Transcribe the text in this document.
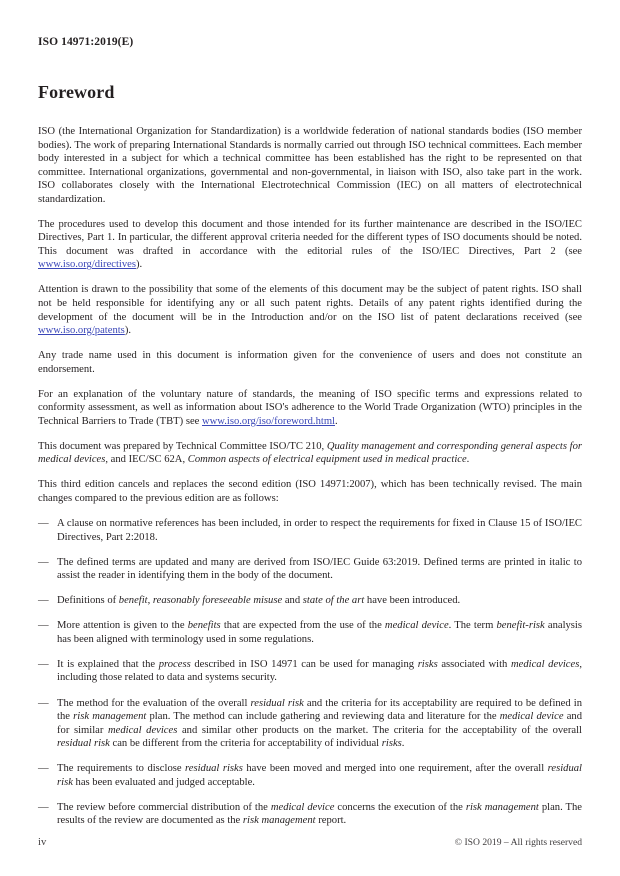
ISO 14971:2019(E)
Foreword

ISO (the International Organization for Standardization) is a worldwide federation of national standards bodies (ISO member bodies). The work of preparing International Standards is normally carried out through ISO technical committees. Each member body interested in a subject for which a technical committee has been established has the right to be represented on that committee. International organizations, governmental and non-governmental, in liaison with ISO, also take part in the work. ISO collaborates closely with the International Electrotechnical Commission (IEC) on all matters of electrotechnical standardization.

The procedures used to develop this document and those intended for its further maintenance are described in the ISO/IEC Directives, Part 1. In particular, the different approval criteria needed for the different types of ISO documents should be noted. This document was drafted in accordance with the editorial rules of the ISO/IEC Directives, Part 2 (see www.iso.org/directives).

Attention is drawn to the possibility that some of the elements of this document may be the subject of patent rights. ISO shall not be held responsible for identifying any or all such patent rights. Details of any patent rights identified during the development of the document will be in the Introduction and/or on the ISO list of patent declarations received (see www.iso.org/patents).

Any trade name used in this document is information given for the convenience of users and does not constitute an endorsement.

For an explanation of the voluntary nature of standards, the meaning of ISO specific terms and expressions related to conformity assessment, as well as information about ISO's adherence to the World Trade Organization (WTO) principles in the Technical Barriers to Trade (TBT) see www.iso.org/iso/foreword.html.

This document was prepared by Technical Committee ISO/TC 210, Quality management and corresponding general aspects for medical devices, and IEC/SC 62A, Common aspects of electrical equipment used in medical practice.

This third edition cancels and replaces the second edition (ISO 14971:2007), which has been technically revised. The main changes compared to the previous edition are as follows:

— A clause on normative references has been included, in order to respect the requirements for fixed in Clause 15 of ISO/IEC Directives, Part 2:2018.
— The defined terms are updated and many are derived from ISO/IEC Guide 63:2019. Defined terms are printed in italic to assist the reader in identifying them in the body of the document.
— Definitions of benefit, reasonably foreseeable misuse and state of the art have been introduced.
— More attention is given to the benefits that are expected from the use of the medical device. The term benefit-risk analysis has been aligned with terminology used in some regulations.
— It is explained that the process described in ISO 14971 can be used for managing risks associated with medical devices, including those related to data and systems security.
— The method for the evaluation of the overall residual risk and the criteria for its acceptability are required to be defined in the risk management plan. The method can include gathering and reviewing data and literature for the medical device and for similar medical devices and similar other products on the market. The criteria for the acceptability of the overall residual risk can be different from the criteria for acceptability of individual risks.
— The requirements to disclose residual risks have been moved and merged into one requirement, after the overall residual risk has been evaluated and judged acceptable.
— The review before commercial distribution of the medical device concerns the execution of the risk management plan. The results of the review are documented as the risk management report.
iv	© ISO 2019 – All rights reserved
